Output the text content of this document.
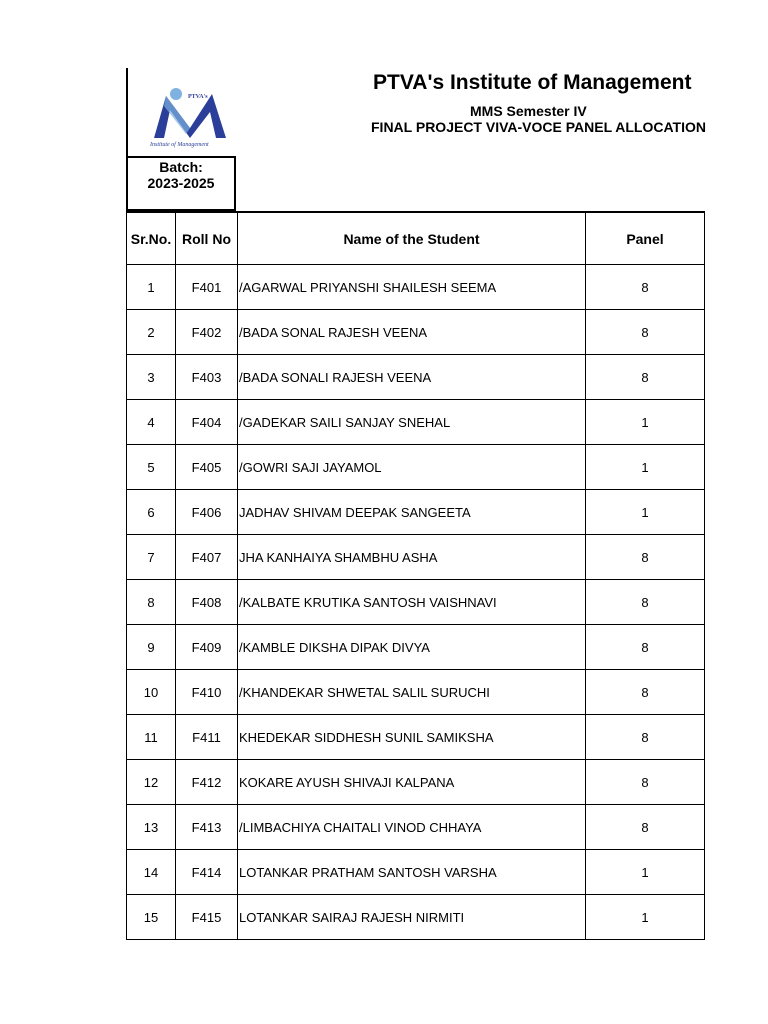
PTVA's
Institute of Management
PTVA's Institute of Management
MMS Semester IV
FINAL PROJECT VIVA-VOCE PANEL ALLOCATION
Batch:
2023-2025
Sr.No.	Roll No	Name of the Student	Panel
1	F401	/AGARWAL PRIYANSHI SHAILESH SEEMA	8
2	F402	/BADA SONAL RAJESH VEENA	8
3	F403	/BADA SONALI RAJESH VEENA	8
4	F404	/GADEKAR SAILI SANJAY SNEHAL	1
5	F405	/GOWRI SAJI JAYAMOL	1
6	F406	JADHAV SHIVAM DEEPAK SANGEETA	1
7	F407	JHA KANHAIYA SHAMBHU ASHA	8
8	F408	/KALBATE KRUTIKA SANTOSH VAISHNAVI	8
9	F409	/KAMBLE DIKSHA DIPAK DIVYA	8
10	F410	/KHANDEKAR SHWETAL SALIL SURUCHI	8
11	F411	KHEDEKAR SIDDHESH SUNIL SAMIKSHA	8
12	F412	KOKARE AYUSH SHIVAJI KALPANA	8
13	F413	/LIMBACHIYA CHAITALI VINOD CHHAYA	8
14	F414	LOTANKAR PRATHAM SANTOSH VARSHA	1
15	F415	LOTANKAR SAIRAJ RAJESH NIRMITI	1
